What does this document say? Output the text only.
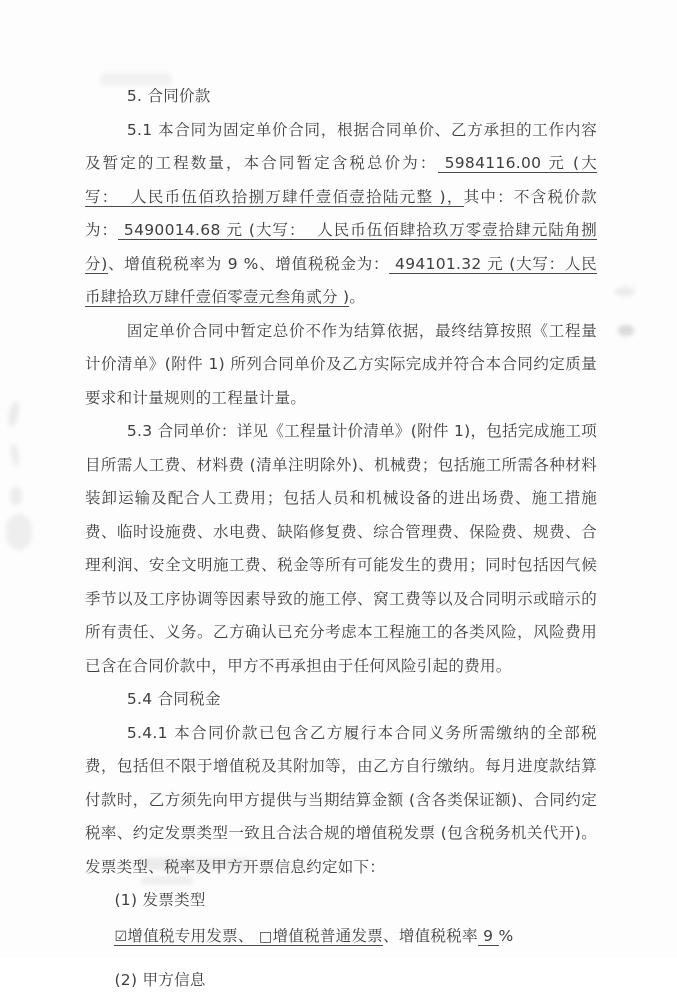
5. 合同价款

5.1 本合同为固定单价合同，根据合同单价、乙方承担的工作内容及暂定的工程数量，本合同暂定含税总价为： 5984116.00 元 (大写：  人民币伍佰玖拾捌万肆仟壹佰壹拾陆元整 )，其中：不含税价款为： 5490014.68 元 (大写：  人民币伍佰肆拾玖万零壹拾肆元陆角捌分)、增值税税率为 9 %、增值税税金为： 494101.32 元 (大写：人民币肆拾玖万肆仟壹佰零壹元叁角贰分 )。

固定单价合同中暂定总价不作为结算依据，最终结算按照《工程量计价清单》(附件 1) 所列合同单价及乙方实际完成并符合本合同约定质量要求和计量规则的工程量计量。

5.3 合同单价：详见《工程量计价清单》(附件 1)，包括完成施工项目所需人工费、材料费 (清单注明除外)、机械费；包括施工所需各种材料装卸运输及配合人工费用；包括人员和机械设备的进出场费、施工措施费、临时设施费、水电费、缺陷修复费、综合管理费、保险费、规费、合理利润、安全文明施工费、税金等所有可能发生的费用；同时包括因气候季节以及工序协调等因素导致的施工停、窝工费等以及合同明示或暗示的所有责任、义务。乙方确认已充分考虑本工程施工的各类风险，风险费用已含在合同价款中，甲方不再承担由于任何风险引起的费用。

5.4 合同税金

5.4.1 本合同价款已包含乙方履行本合同义务所需缴纳的全部税费，包括但不限于增值税及其附加等，由乙方自行缴纳。每月进度款结算付款时，乙方须先向甲方提供与当期结算金额 (含各类保证额)、合同约定税率、约定发票类型一致且合法合规的增值税发票 (包含税务机关代开)。发票类型、税率及甲方开票信息约定如下：

(1) 发票类型

☑增值税专用发票、 □增值税普通发票、增值税税率 9 %

(2) 甲方信息
